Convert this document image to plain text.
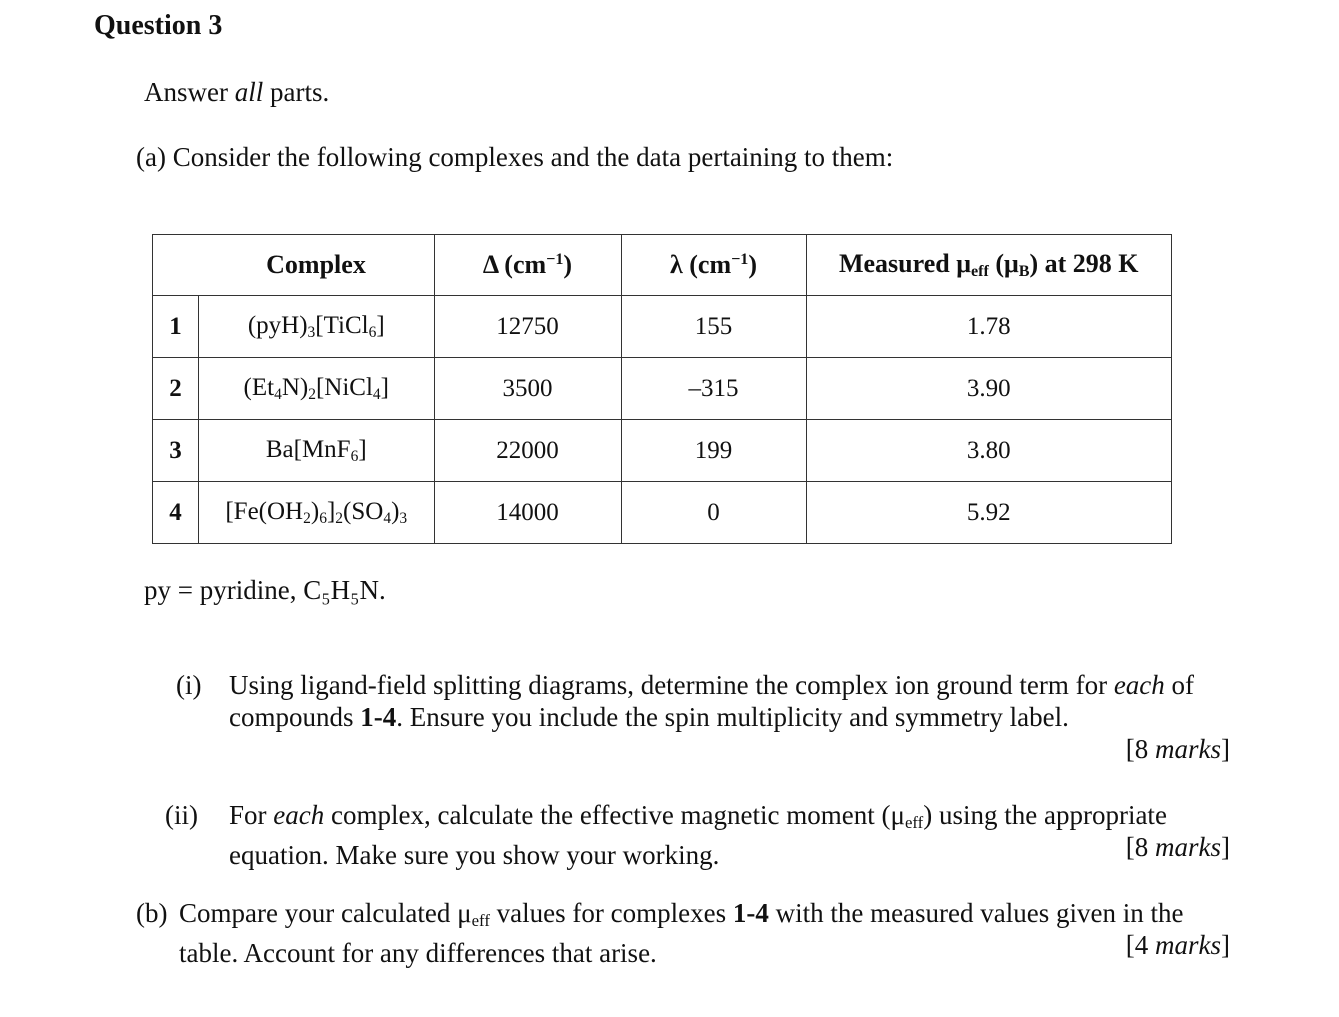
Question 3
Answer all parts.
(a) Consider the following complexes and the data pertaining to them:
	Complex	Δ $(cm^{-1})$	λ $(cm^{-1})$	Measured $\mu_{eff}$ $(\mu_B)$ at 298 K
1	$(pyH)_3[TiCl_6]$	12750	155	1.78
2	$(Et_4N)_2[NiCl_4]$	3500	–315	3.90
3	Ba[MnF$_6$]	22000	199	3.80
4	$[Fe(OH_2)_6]_2(SO_4)_3$	14000	0	5.92
py = pyridine, C₅H₅N.
(i) Using ligand-field splitting diagrams, determine the complex ion ground term for each of compounds 1-4. Ensure you include the spin multiplicity and symmetry label.
[8 marks]
(ii) For each complex, calculate the effective magnetic moment $(\mu_{eff})$ using the appropriate equation. Make sure you show your working.	[8 marks]
(b) Compare your calculated $\mu_{eff}$ values for complexes 1-4 with the measured values given in the table. Account for any differences that arise.	[4 marks]
